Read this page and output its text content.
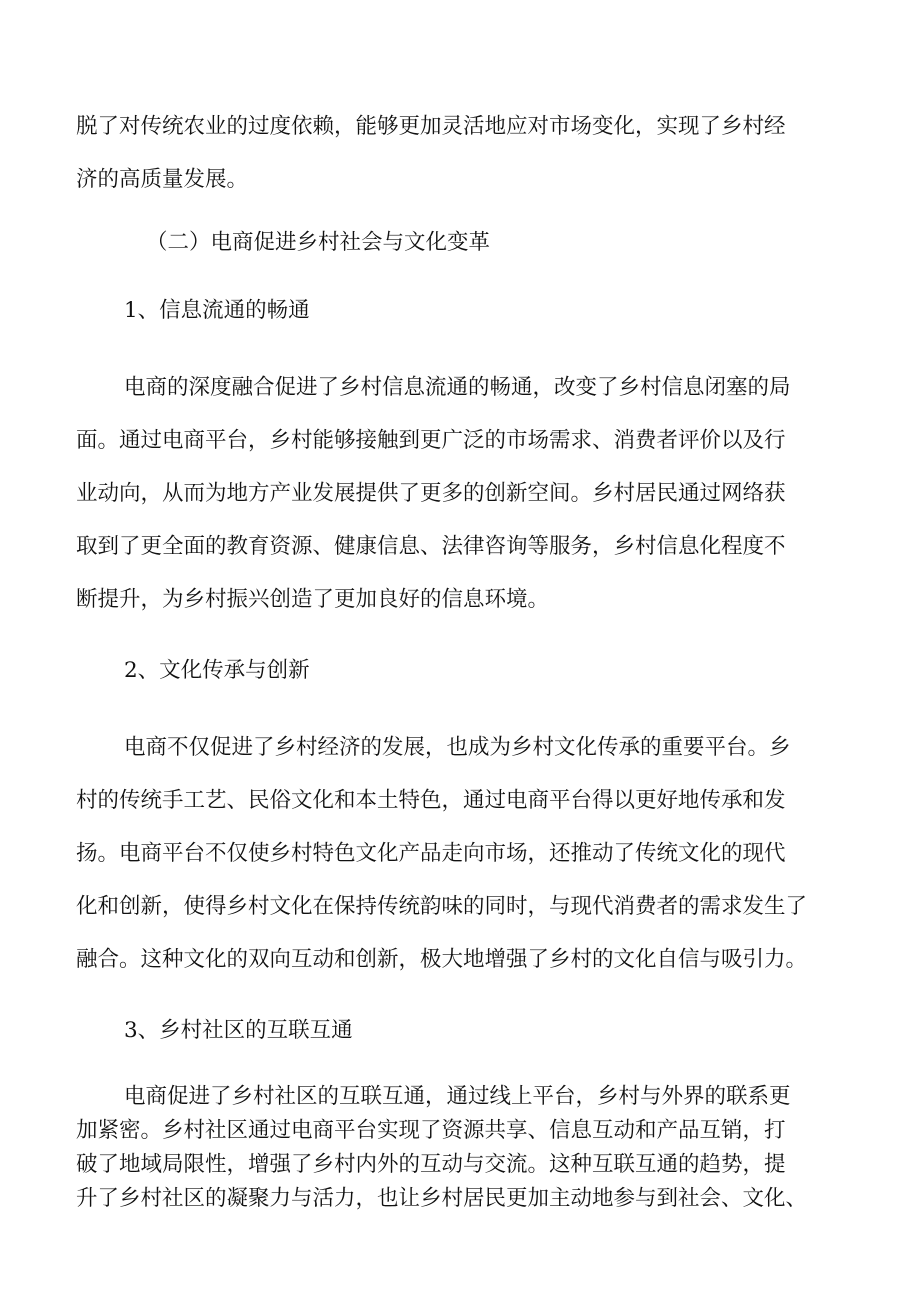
脱了对传统农业的过度依赖，能够更加灵活地应对市场变化，实现了乡村经

济的高质量发展。

（二）电商促进乡村社会与文化变革

1、信息流通的畅通

电商的深度融合促进了乡村信息流通的畅通，改变了乡村信息闭塞的局

面。通过电商平台，乡村能够接触到更广泛的市场需求、消费者评价以及行

业动向，从而为地方产业发展提供了更多的创新空间。乡村居民通过网络获

取到了更全面的教育资源、健康信息、法律咨询等服务，乡村信息化程度不

断提升，为乡村振兴创造了更加良好的信息环境。

2、文化传承与创新

电商不仅促进了乡村经济的发展，也成为乡村文化传承的重要平台。乡

村的传统手工艺、民俗文化和本土特色，通过电商平台得以更好地传承和发

扬。电商平台不仅使乡村特色文化产品走向市场，还推动了传统文化的现代

化和创新，使得乡村文化在保持传统韵味的同时，与现代消费者的需求发生了

融合。这种文化的双向互动和创新，极大地增强了乡村的文化自信与吸引力。

3、乡村社区的互联互通

电商促进了乡村社区的互联互通，通过线上平台，乡村与外界的联系更

加紧密。乡村社区通过电商平台实现了资源共享、信息互动和产品互销，打

破了地域局限性，增强了乡村内外的互动与交流。这种互联互通的趋势，提

升了乡村社区的凝聚力与活力，也让乡村居民更加主动地参与到社会、文化、
